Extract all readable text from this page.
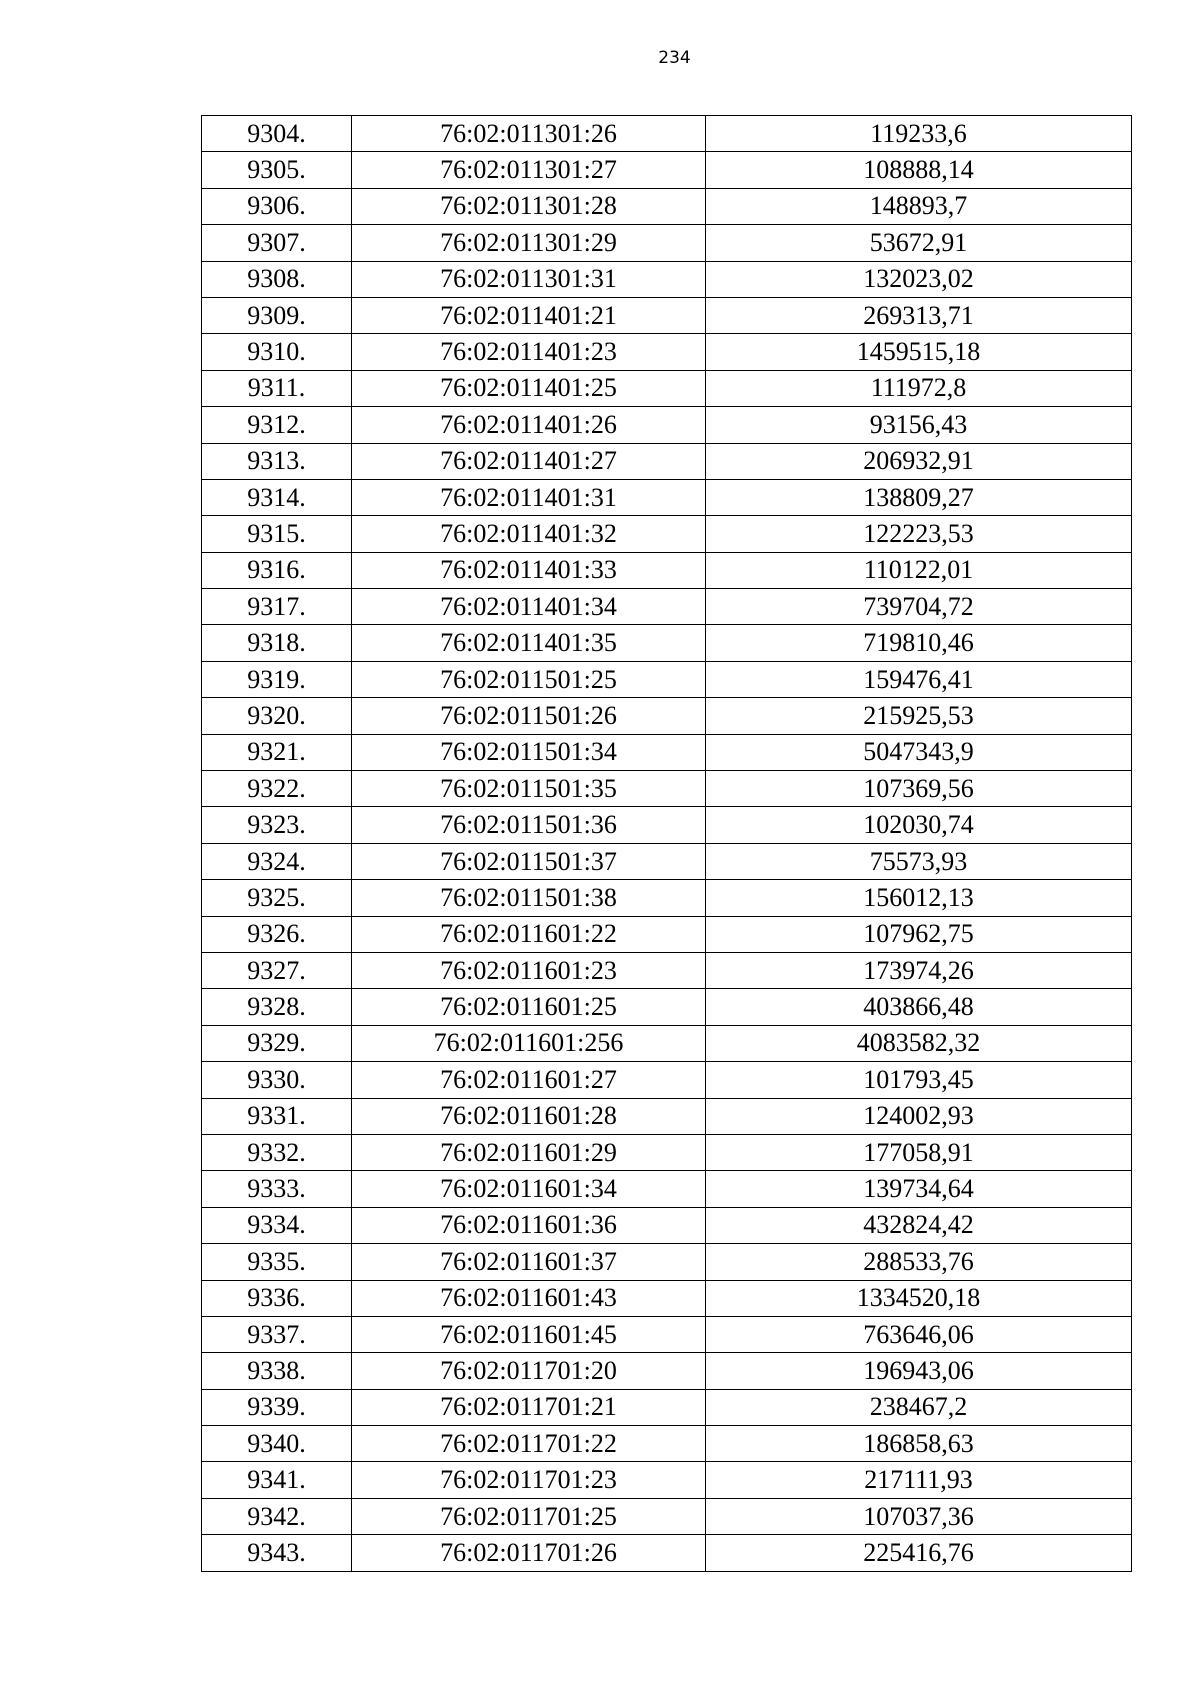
234
9304.	76:02:011301:26	119233,6
9305.	76:02:011301:27	108888,14
9306.	76:02:011301:28	148893,7
9307.	76:02:011301:29	53672,91
9308.	76:02:011301:31	132023,02
9309.	76:02:011401:21	269313,71
9310.	76:02:011401:23	1459515,18
9311.	76:02:011401:25	111972,8
9312.	76:02:011401:26	93156,43
9313.	76:02:011401:27	206932,91
9314.	76:02:011401:31	138809,27
9315.	76:02:011401:32	122223,53
9316.	76:02:011401:33	110122,01
9317.	76:02:011401:34	739704,72
9318.	76:02:011401:35	719810,46
9319.	76:02:011501:25	159476,41
9320.	76:02:011501:26	215925,53
9321.	76:02:011501:34	5047343,9
9322.	76:02:011501:35	107369,56
9323.	76:02:011501:36	102030,74
9324.	76:02:011501:37	75573,93
9325.	76:02:011501:38	156012,13
9326.	76:02:011601:22	107962,75
9327.	76:02:011601:23	173974,26
9328.	76:02:011601:25	403866,48
9329.	76:02:011601:256	4083582,32
9330.	76:02:011601:27	101793,45
9331.	76:02:011601:28	124002,93
9332.	76:02:011601:29	177058,91
9333.	76:02:011601:34	139734,64
9334.	76:02:011601:36	432824,42
9335.	76:02:011601:37	288533,76
9336.	76:02:011601:43	1334520,18
9337.	76:02:011601:45	763646,06
9338.	76:02:011701:20	196943,06
9339.	76:02:011701:21	238467,2
9340.	76:02:011701:22	186858,63
9341.	76:02:011701:23	217111,93
9342.	76:02:011701:25	107037,36
9343.	76:02:011701:26	225416,76
